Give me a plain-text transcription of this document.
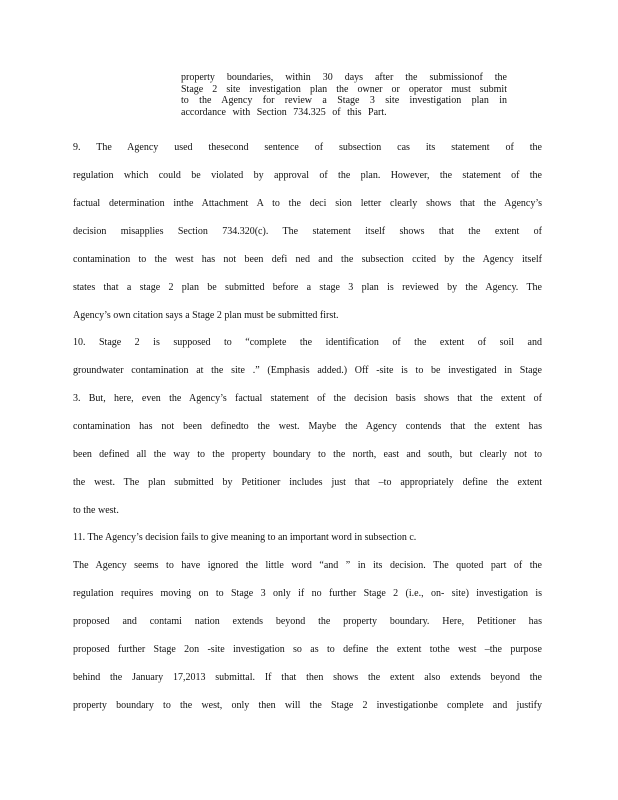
property boundaries, within 30 days after the submissionof the
Stage 2 site investigation plan the owner or operator must submit
to the Agency for review a Stage 3 site investigation plan in
accordance with Section 734.325 of this Part.
9. The Agency used thesecond sentence of subsection cas its statement of the
regulation which could be violated by approval of the plan. However, the statement of the
factual determination inthe Attachment A to the deci sion letter clearly shows that the Agency’s
decision misapplies Section 734.320(c). The statement itself shows that the extent of
contamination to the west has not been defi ned and the subsection ccited by the Agency itself
states that a stage 2 plan be submitted before a stage 3 plan is reviewed by the Agency. The
Agency’s own citation says a Stage 2 plan must be submitted first.
10. Stage 2 is supposed to “complete the identification of the extent of soil and
groundwater contamination at the site .” (Emphasis added.) Off -site is to be investigated in Stage
3. But, here, even the Agency’s factual statement of the decision basis shows that the extent of
contamination has not been definedto the west. Maybe the Agency contends that the extent has
been defined all the way to the property boundary to the north, east and south, but clearly not to
the west. The plan submitted by Petitioner includes just that –to appropriately define the extent
to the west.
11. The Agency’s decision fails to give meaning to an important word in subsection c.
The Agency seems to have ignored the little word “and ” in its decision. The quoted part of the
regulation requires moving on to Stage 3 only if no further Stage 2 (i.e., on- site) investigation is
proposed and contami nation extends beyond the property boundary. Here, Petitioner has
proposed further Stage 2on -site investigation so as to define the extent tothe west –the purpose
behind the January 17,2013 submittal. If that then shows the extent also extends beyond the
property boundary to the west, only then will the Stage 2 investigationbe complete and justify
